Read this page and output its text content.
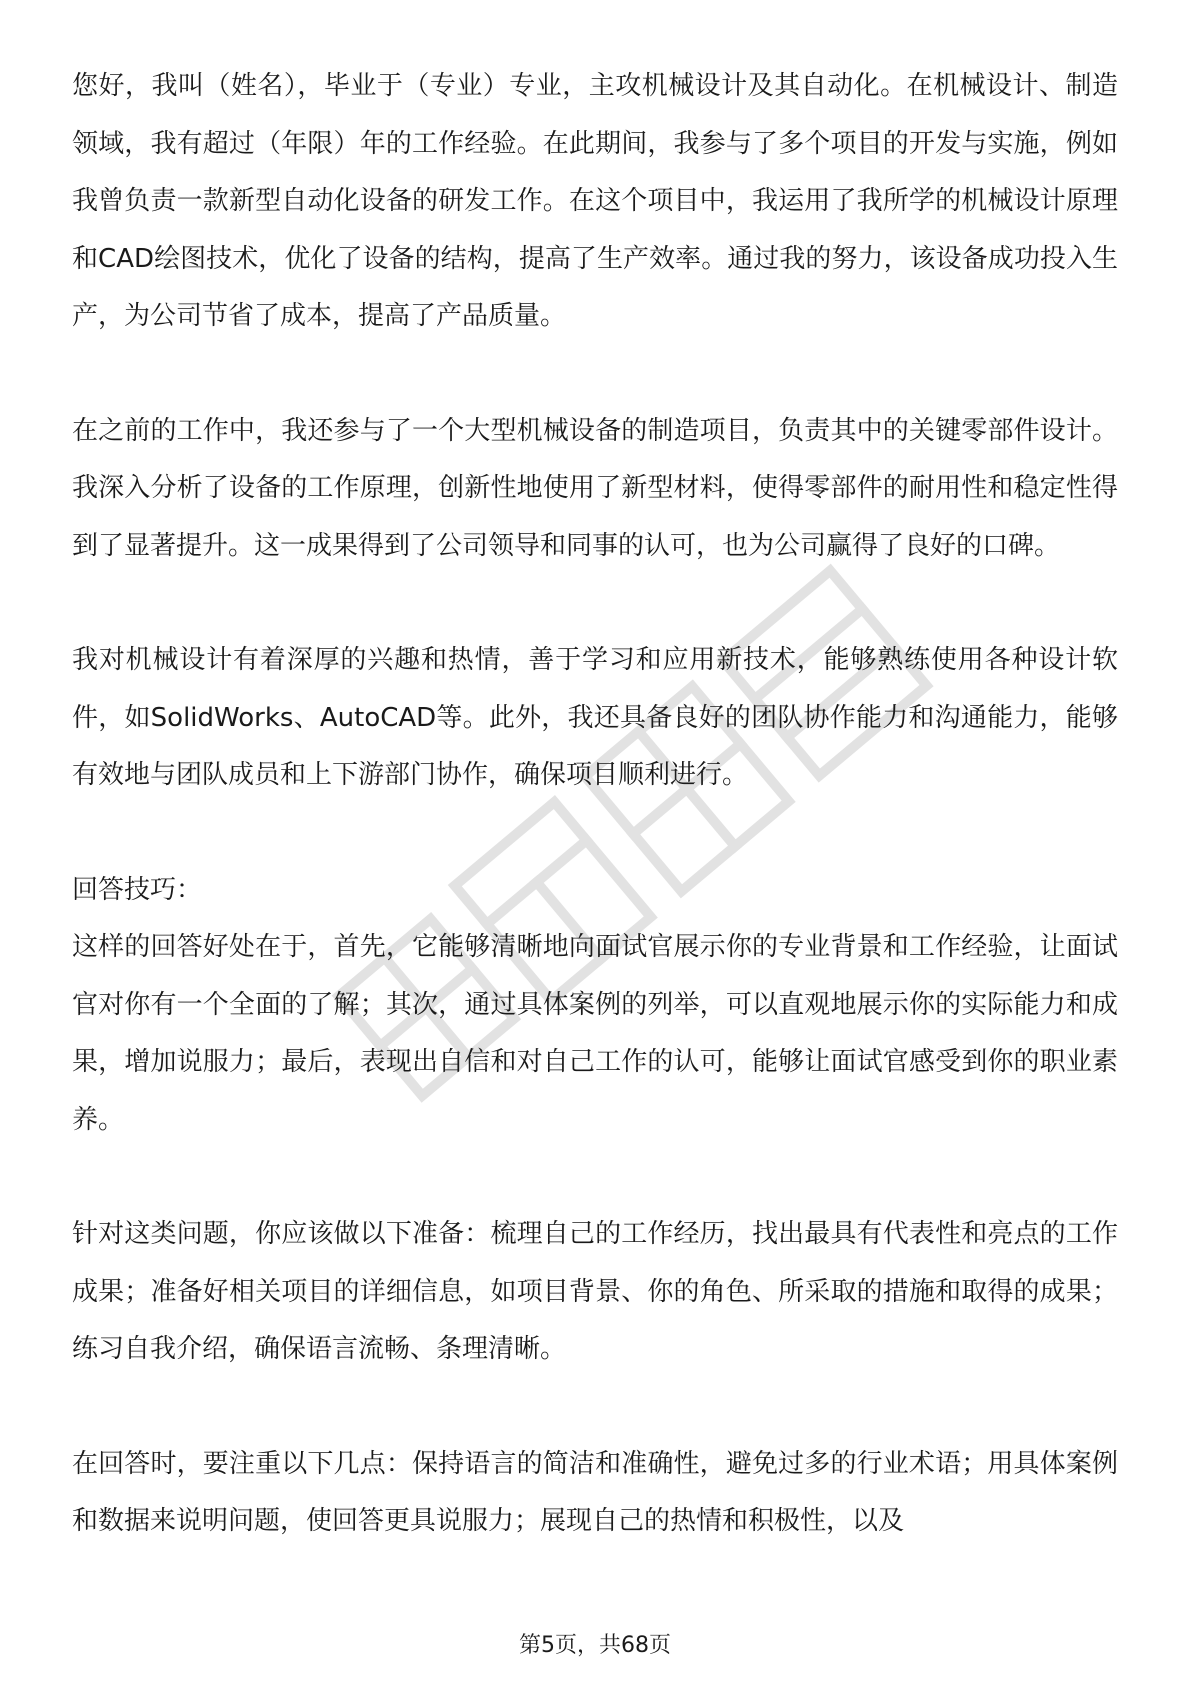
您好，我叫（姓名），毕业于（专业）专业，主攻机械设计及其自动化。在机械设计、制造领域，我有超过（年限）年的工作经验。在此期间，我参与了多个项目的开发与实施，例如我曾负责一款新型自动化设备的研发工作。在这个项目中，我运用了我所学的机械设计原理和CAD绘图技术，优化了设备的结构，提高了生产效率。通过我的努力，该设备成功投入生产，为公司节省了成本，提高了产品质量。

在之前的工作中，我还参与了一个大型机械设备的制造项目，负责其中的关键零部件设计。我深入分析了设备的工作原理，创新性地使用了新型材料，使得零部件的耐用性和稳定性得到了显著提升。这一成果得到了公司领导和同事的认可，也为公司赢得了良好的口碑。

我对机械设计有着深厚的兴趣和热情，善于学习和应用新技术，能够熟练使用各种设计软件，如SolidWorks、AutoCAD等。此外，我还具备良好的团队协作能力和沟通能力，能够有效地与团队成员和上下游部门协作，确保项目顺利进行。

回答技巧：

这样的回答好处在于，首先，它能够清晰地向面试官展示你的专业背景和工作经验，让面试官对你有一个全面的了解；其次，通过具体案例的列举，可以直观地展示你的实际能力和成果，增加说服力；最后，表现出自信和对自己工作的认可，能够让面试官感受到你的职业素养。

针对这类问题，你应该做以下准备：梳理自己的工作经历，找出最具有代表性和亮点的工作成果；准备好相关项目的详细信息，如项目背景、你的角色、所采取的措施和取得的成果；练习自我介绍，确保语言流畅、条理清晰。

在回答时，要注重以下几点：保持语言的简洁和准确性，避免过多的行业术语；用具体案例和数据来说明问题，使回答更具说服力；展现自己的热情和积极性，以及

第5页，共68页
